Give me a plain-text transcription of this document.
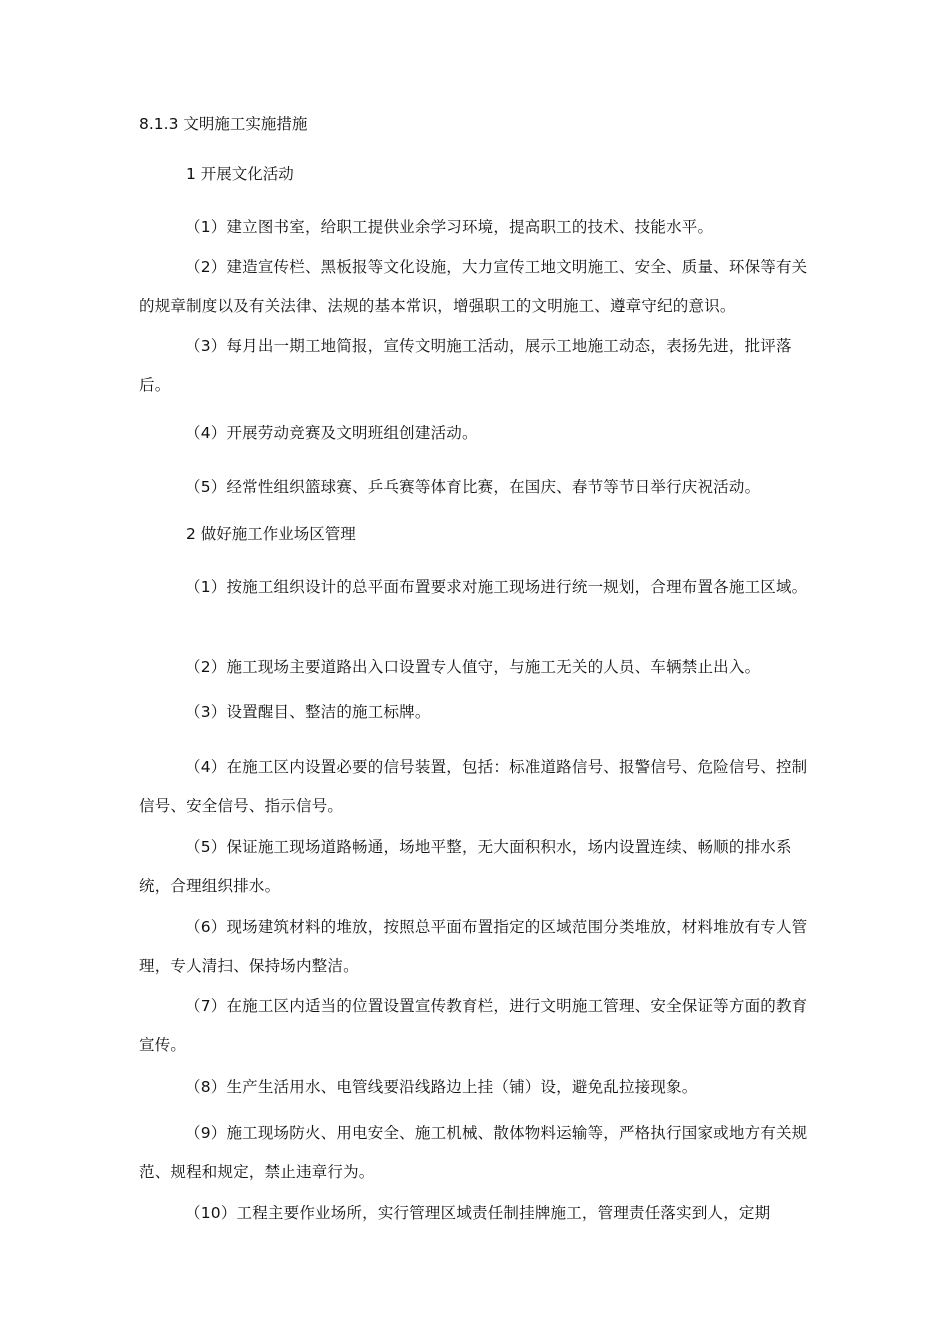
8.1.3 文明施工实施措施

1 开展文化活动

（1）建立图书室，给职工提供业余学习环境，提高职工的技术、技能水平。

（2）建造宣传栏、黑板报等文化设施，大力宣传工地文明施工、安全、质量、环保等有关的规章制度以及有关法律、法规的基本常识，增强职工的文明施工、遵章守纪的意识。

（3）每月出一期工地简报，宣传文明施工活动，展示工地施工动态，表扬先进，批评落后。

（4）开展劳动竞赛及文明班组创建活动。

（5）经常性组织篮球赛、乒乓赛等体育比赛，在国庆、春节等节日举行庆祝活动。

2 做好施工作业场区管理

（1）按施工组织设计的总平面布置要求对施工现场进行统一规划，合理布置各施工区域。

（2）施工现场主要道路出入口设置专人值守，与施工无关的人员、车辆禁止出入。

（3）设置醒目、整洁的施工标牌。

（4）在施工区内设置必要的信号装置，包括：标准道路信号、报警信号、危险信号、控制信号、安全信号、指示信号。

（5）保证施工现场道路畅通，场地平整，无大面积积水，场内设置连续、畅顺的排水系统，合理组织排水。

（6）现场建筑材料的堆放，按照总平面布置指定的区域范围分类堆放，材料堆放有专人管理，专人清扫、保持场内整洁。

（7）在施工区内适当的位置设置宣传教育栏，进行文明施工管理、安全保证等方面的教育宣传。

（8）生产生活用水、电管线要沿线路边上挂（铺）设，避免乱拉接现象。

（9）施工现场防火、用电安全、施工机械、散体物料运输等，严格执行国家或地方有关规范、规程和规定，禁止违章行为。

（10）工程主要作业场所，实行管理区域责任制挂牌施工，管理责任落实到人，定期
